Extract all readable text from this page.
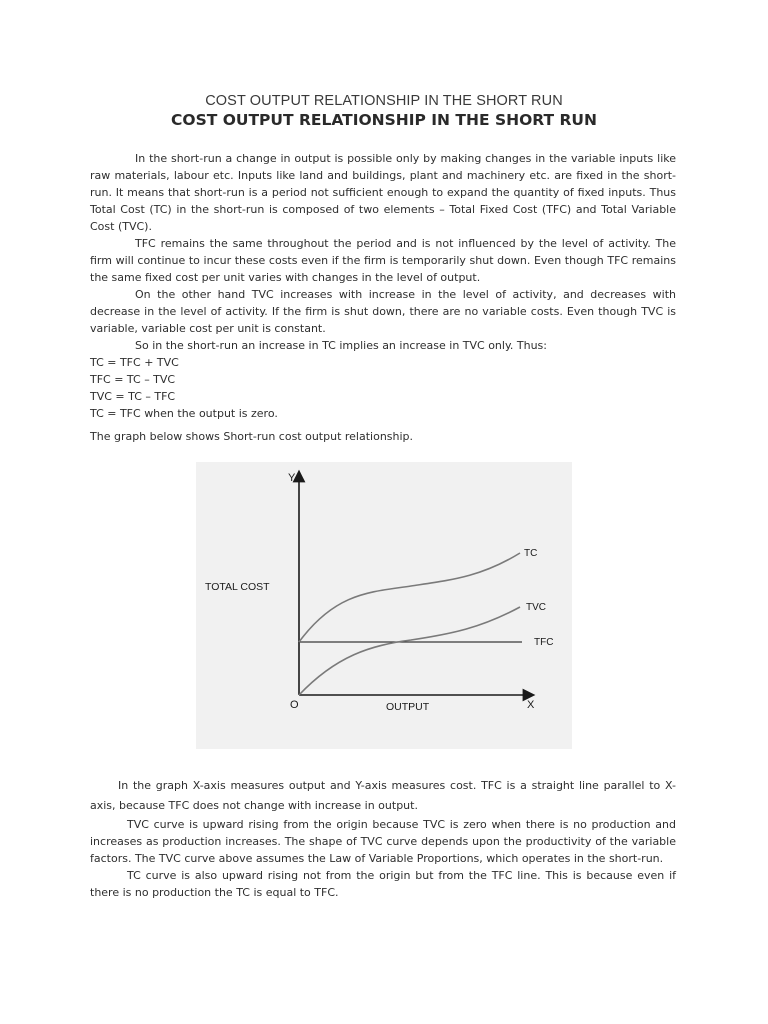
COST OUTPUT RELATIONSHIP IN THE SHORT RUN
COST OUTPUT RELATIONSHIP IN THE SHORT RUN

In the short-run a change in output is possible only by making changes in the variable inputs like raw materials, labour etc. Inputs like land and buildings, plant and machinery etc. are fixed in the short-run. It means that short-run is a period not sufficient enough to expand the quantity of fixed inputs. Thus Total Cost (TC) in the short-run is composed of two elements – Total Fixed Cost (TFC) and Total Variable Cost (TVC).

TFC remains the same throughout the period and is not influenced by the level of activity. The firm will continue to incur these costs even if the firm is temporarily shut down. Even though TFC remains the same fixed cost per unit varies with changes in the level of output.

On the other hand TVC increases with increase in the level of activity, and decreases with decrease in the level of activity. If the firm is shut down, there are no variable costs. Even though TVC is variable, variable cost per unit is constant.

So in the short-run an increase in TC implies an increase in TVC only. Thus:

TC = TFC + TVC

TFC = TC – TVC

TVC = TC – TFC

TC = TFC when the output is zero.

The graph below shows Short-run cost output relationship.

Y
X
O
TOTAL COST
OUTPUT
TC
TVC
TFC

In the graph X-axis measures output and Y-axis measures cost. TFC is a straight line parallel to X-axis, because TFC does not change with increase in output.

TVC curve is upward rising from the origin because TVC is zero when there is no production and increases as production increases. The shape of TVC curve depends upon the productivity of the variable factors. The TVC curve above assumes the Law of Variable Proportions, which operates in the short-run.

TC curve is also upward rising not from the origin but from the TFC line. This is because even if there is no production the TC is equal to TFC.
